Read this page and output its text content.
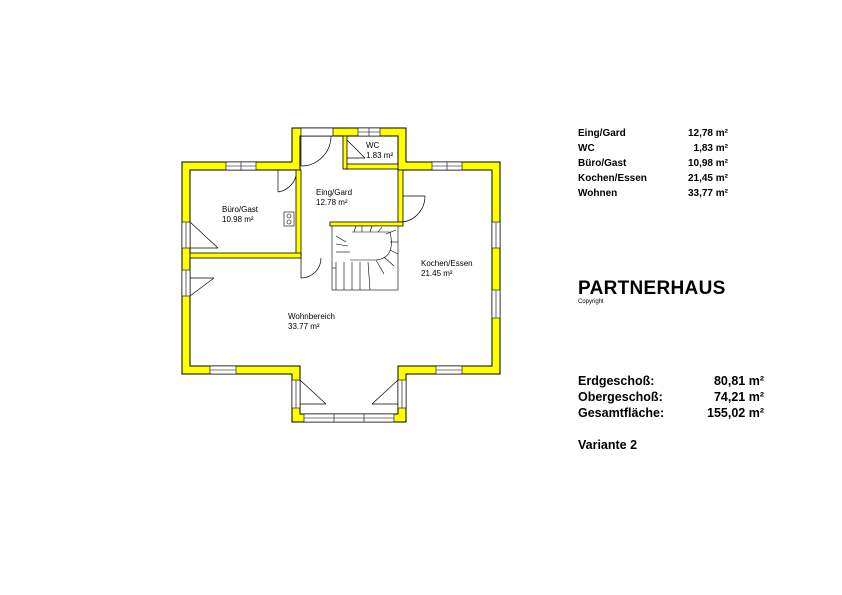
Büro/Gast
10.98 m²
Eing/Gard
12.78 m²
WC
1.83 m²
Kochen/Essen
21.45 m²
Wohnbereich
33.77 m²
Eing/Gard	12,78 m²
WC	1,83 m²
Büro/Gast	10,98 m²
Kochen/Essen	21,45 m²
Wohnen	33,77 m²
PARTNERHAUS
Copyright
Erdgeschoß:	80,81 m²
Obergeschoß:	74,21 m²
Gesamtfläche:	155,02 m²
Variante 2
